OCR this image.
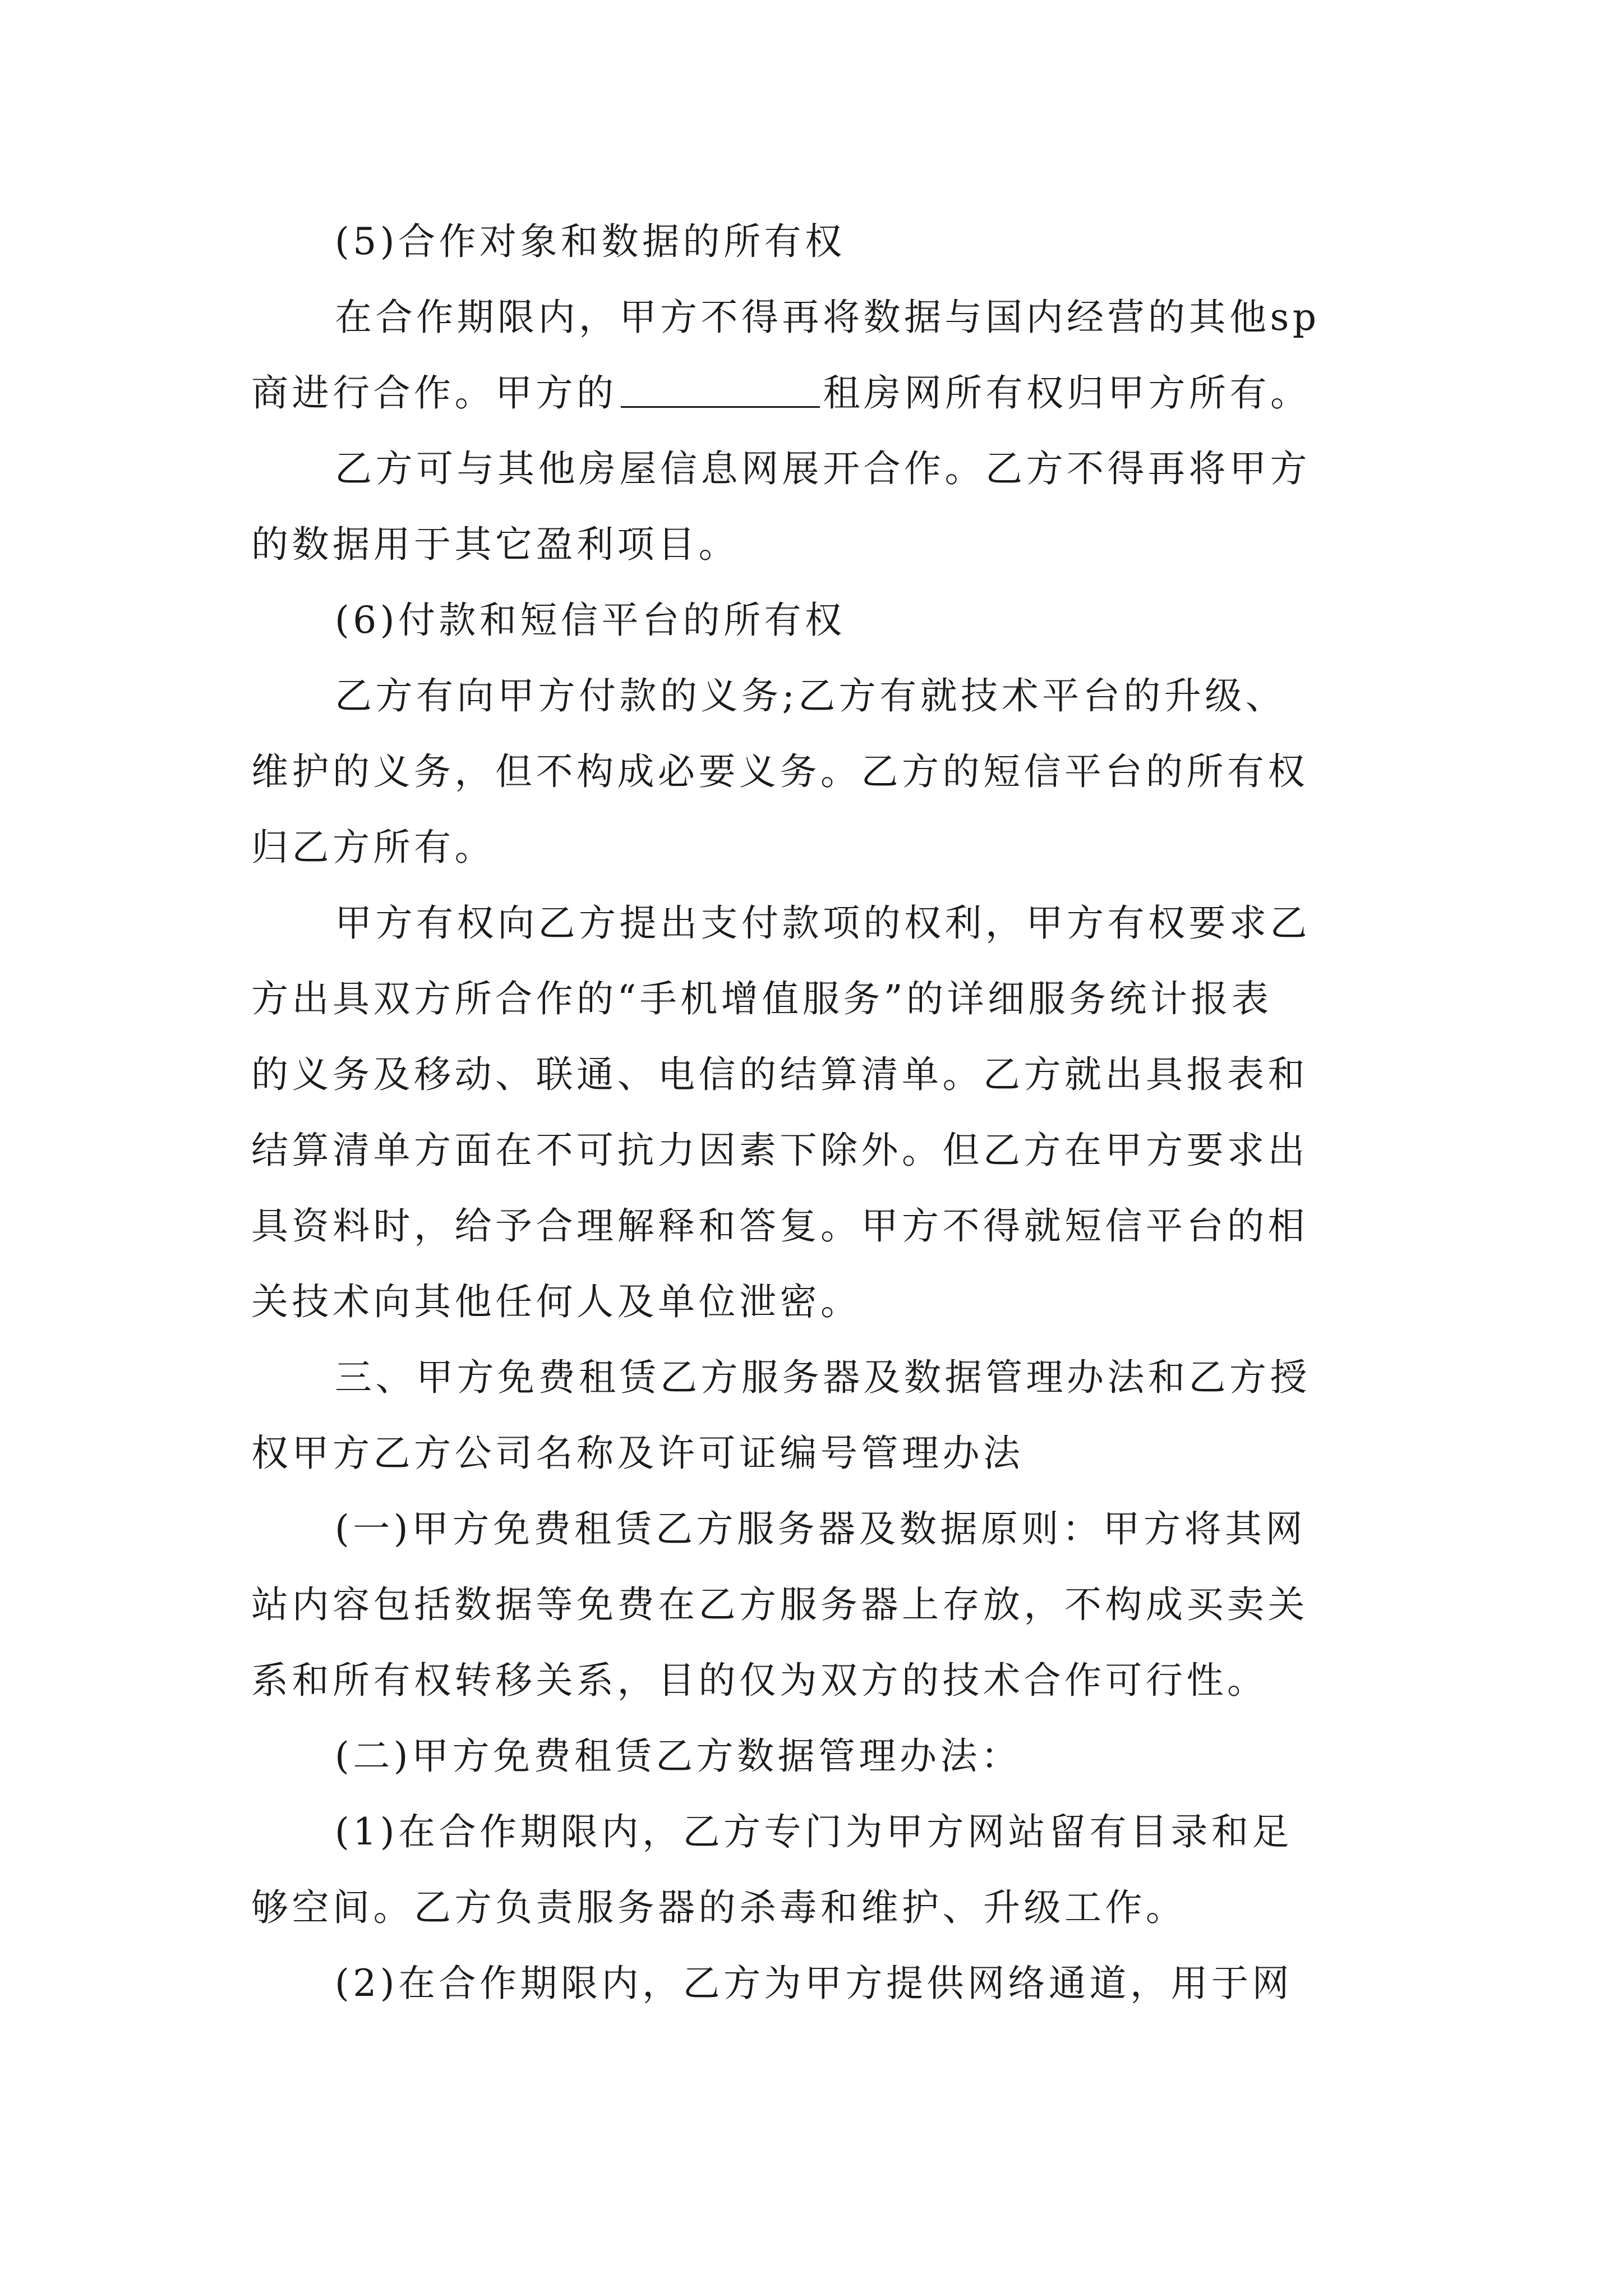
(5)合作对象和数据的所有权
在合作期限内，甲方不得再将数据与国内经营的其他sp
商进行合作。甲方的	租房网所有权归甲方所有。
乙方可与其他房屋信息网展开合作。乙方不得再将甲方
的数据用于其它盈利项目。
(6)付款和短信平台的所有权
乙方有向甲方付款的义务;乙方有就技术平台的升级、
维护的义务，但不构成必要义务。乙方的短信平台的所有权
归乙方所有。
甲方有权向乙方提出支付款项的权利，甲方有权要求乙
方出具双方所合作的“手机增值服务”的详细服务统计报表
的义务及移动、联通、电信的结算清单。乙方就出具报表和
结算清单方面在不可抗力因素下除外。但乙方在甲方要求出
具资料时，给予合理解释和答复。甲方不得就短信平台的相
关技术向其他任何人及单位泄密。
三、甲方免费租赁乙方服务器及数据管理办法和乙方授
权甲方乙方公司名称及许可证编号管理办法
(一)甲方免费租赁乙方服务器及数据原则：甲方将其网
站内容包括数据等免费在乙方服务器上存放，不构成买卖关
系和所有权转移关系，目的仅为双方的技术合作可行性。
(二)甲方免费租赁乙方数据管理办法：
(1)在合作期限内，乙方专门为甲方网站留有目录和足
够空间。乙方负责服务器的杀毒和维护、升级工作。
(2)在合作期限内，乙方为甲方提供网络通道，用于网
